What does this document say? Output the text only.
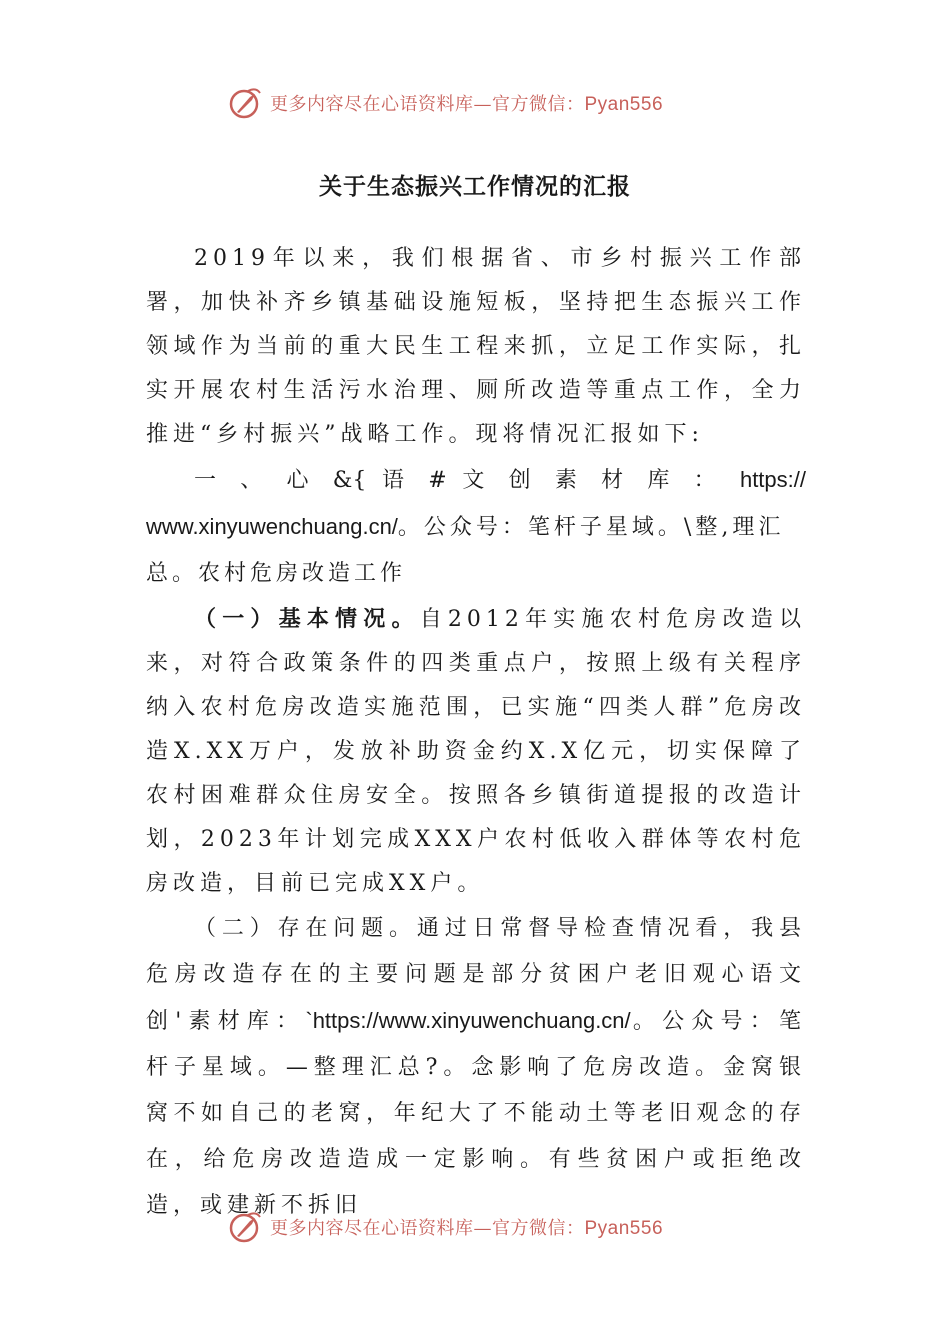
更多内容尽在心语资料库—官方微信：Pyan556
关于生态振兴工作情况的汇报

2019年以来，我们根据省、市乡村振兴工作部署，加快补齐乡镇基础设施短板，坚持把生态振兴工作领域作为当前的重大民生工程来抓，立足工作实际，扎实开展农村生活污水治理、厕所改造等重点工作，全力推进“乡村振兴”战略工作。现将情况汇报如下:

一 、 心 &{ 语 # 文 创 素 材 库 ： https://

www.xinyuwenchuang.cn/。公众号：笔杆子星域。\整,理汇

总。农村危房改造工作

（一）基本情况。自2012年实施农村危房改造以来，对符合政策条件的四类重点户，按照上级有关程序纳入农村危房改造实施范围，已实施“四类人群”危房改造X.XX万户，发放补助资金约X.X亿元，切实保障了农村困难群众住房安全。按照各乡镇街道提报的改造计划，2023年计划完成XXX户农村低收入群体等农村危房改造，目前已完成XX户。

（二）存在问题。通过日常督导检查情况看，我县危房改造存在的主要问题是部分贫困户老旧观心语文创'素材库：`https://www.xinyuwenchuang.cn/。公众号：笔杆子星域。—整理汇总?。念影响了危房改造。金窝银窝不如自己的老窝，年纪大了不能动土等老旧观念的存在，给危房改造造成一定影响。有些贫困户或拒绝改造，或建新不拆旧

更多内容尽在心语资料库—官方微信：Pyan556
